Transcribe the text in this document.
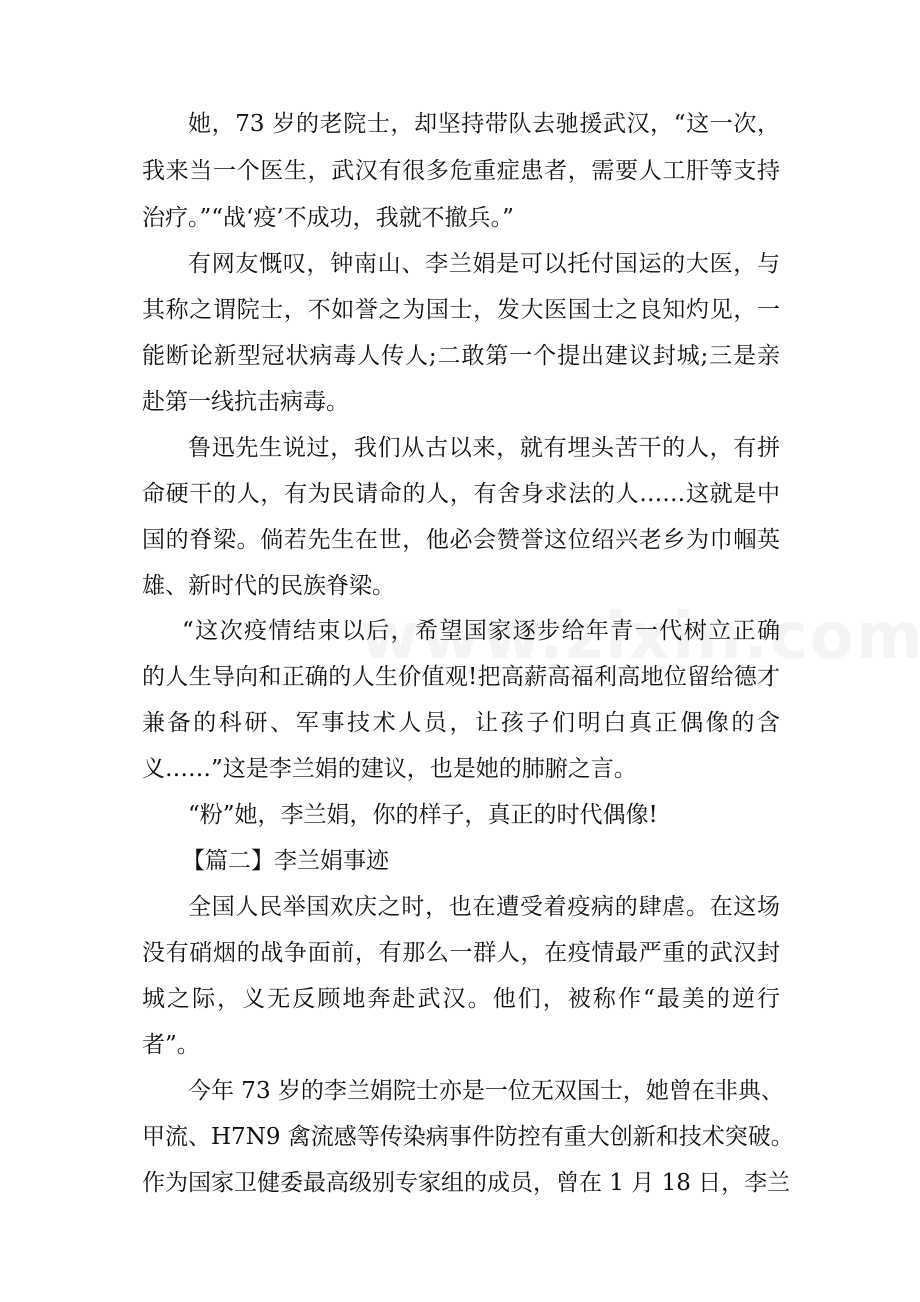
她，73 岁的老院士，却坚持带队去驰援武汉，“这一次，
我来当一个医生，武汉有很多危重症患者，需要人工肝等支持
治疗。”“战‘疫’不成功，我就不撤兵。”
有网友慨叹，钟南山、李兰娟是可以托付国运的大医，与
其称之谓院士，不如誉之为国士，发大医国士之良知灼见，一
能断论新型冠状病毒人传人;二敢第一个提出建议封城;三是亲
赴第一线抗击病毒。
鲁迅先生说过，我们从古以来，就有埋头苦干的人，有拼
命硬干的人，有为民请命的人，有舍身求法的人……这就是中
国的脊梁。倘若先生在世，他必会赞誉这位绍兴老乡为巾帼英
雄、新时代的民族脊梁。
“这次疫情结束以后，希望国家逐步给年青一代树立正确
的人生导向和正确的人生价值观!把高薪高福利高地位留给德才
兼备的科研、军事技术人员，让孩子们明白真正偶像的含
义……”这是李兰娟的建议，也是她的肺腑之言。
“粉”她，李兰娟，你的样子，真正的时代偶像!
【篇二】李兰娟事迹
全国人民举国欢庆之时，也在遭受着疫病的肆虐。在这场
没有硝烟的战争面前，有那么一群人，在疫情最严重的武汉封
城之际，义无反顾地奔赴武汉。他们，被称作“最美的逆行
者”。
今年 73 岁的李兰娟院士亦是一位无双国士，她曾在非典、
甲流、H7N9 禽流感等传染病事件防控有重大创新和技术突破。
作为国家卫健委最高级别专家组的成员，曾在 1 月 18 日，李兰
